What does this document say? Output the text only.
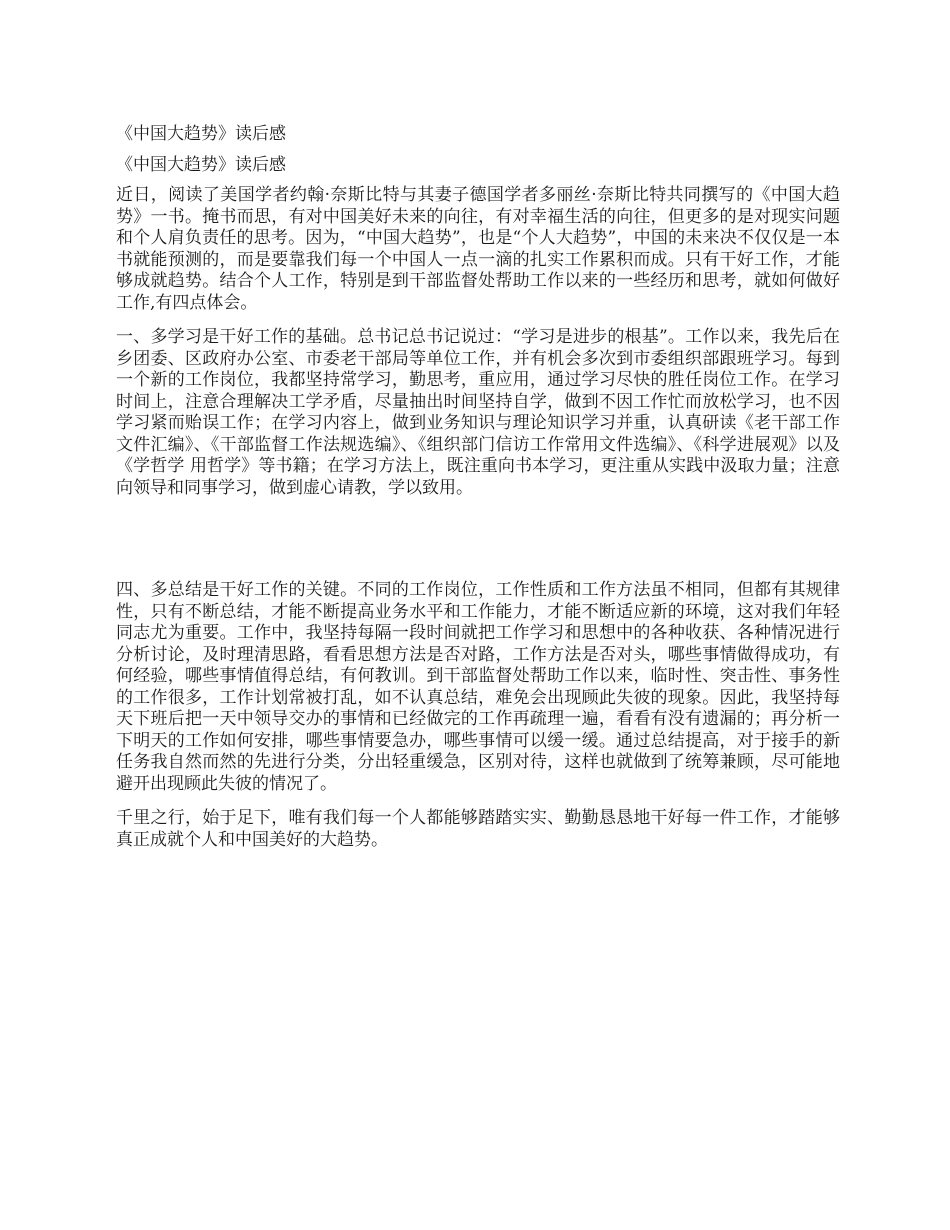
《中国大趋势》读后感

《中国大趋势》读后感

近日，阅读了美国学者约翰·奈斯比特与其妻子德国学者多丽丝·奈斯比特共同撰写的《中国大趋势》一书。掩书而思，有对中国美好未来的向往，有对幸福生活的向往，但更多的是对现实问题和个人肩负责任的思考。因为，“中国大趋势”，也是“个人大趋势”，中国的未来决不仅仅是一本书就能预测的，而是要靠我们每一个中国人一点一滴的扎实工作累积而成。只有干好工作，才能够成就趋势。结合个人工作，特别是到干部监督处帮助工作以来的一些经历和思考，就如何做好工作,有四点体会。

一、多学习是干好工作的基础。总书记总书记说过：“学习是进步的根基”。工作以来，我先后在乡团委、区政府办公室、市委老干部局等单位工作，并有机会多次到市委组织部跟班学习。每到一个新的工作岗位，我都坚持常学习，勤思考，重应用，通过学习尽快的胜任岗位工作。在学习时间上，注意合理解决工学矛盾，尽量抽出时间坚持自学，做到不因工作忙而放松学习，也不因学习紧而贻误工作；在学习内容上，做到业务知识与理论知识学习并重，认真研读《老干部工作文件汇编》、《干部监督工作法规选编》、《组织部门信访工作常用文件选编》、《科学进展观》以及《学哲学 用哲学》等书籍；在学习方法上，既注重向书本学习，更注重从实践中汲取力量；注意向领导和同事学习，做到虚心请教，学以致用。

四、多总结是干好工作的关键。不同的工作岗位，工作性质和工作方法虽不相同，但都有其规律性，只有不断总结，才能不断提高业务水平和工作能力，才能不断适应新的环境，这对我们年轻同志尤为重要。工作中，我坚持每隔一段时间就把工作学习和思想中的各种收获、各种情况进行分析讨论，及时理清思路，看看思想方法是否对路，工作方法是否对头，哪些事情做得成功，有何经验，哪些事情值得总结，有何教训。到干部监督处帮助工作以来，临时性、突击性、事务性的工作很多，工作计划常被打乱，如不认真总结，难免会出现顾此失彼的现象。因此，我坚持每天下班后把一天中领导交办的事情和已经做完的工作再疏理一遍，看看有没有遗漏的；再分析一下明天的工作如何安排，哪些事情要急办，哪些事情可以缓一缓。通过总结提高，对于接手的新任务我自然而然的先进行分类，分出轻重缓急，区别对待，这样也就做到了统筹兼顾，尽可能地避开出现顾此失彼的情况了。

千里之行，始于足下，唯有我们每一个人都能够踏踏实实、勤勤恳恳地干好每一件工作，才能够真正成就个人和中国美好的大趋势。
